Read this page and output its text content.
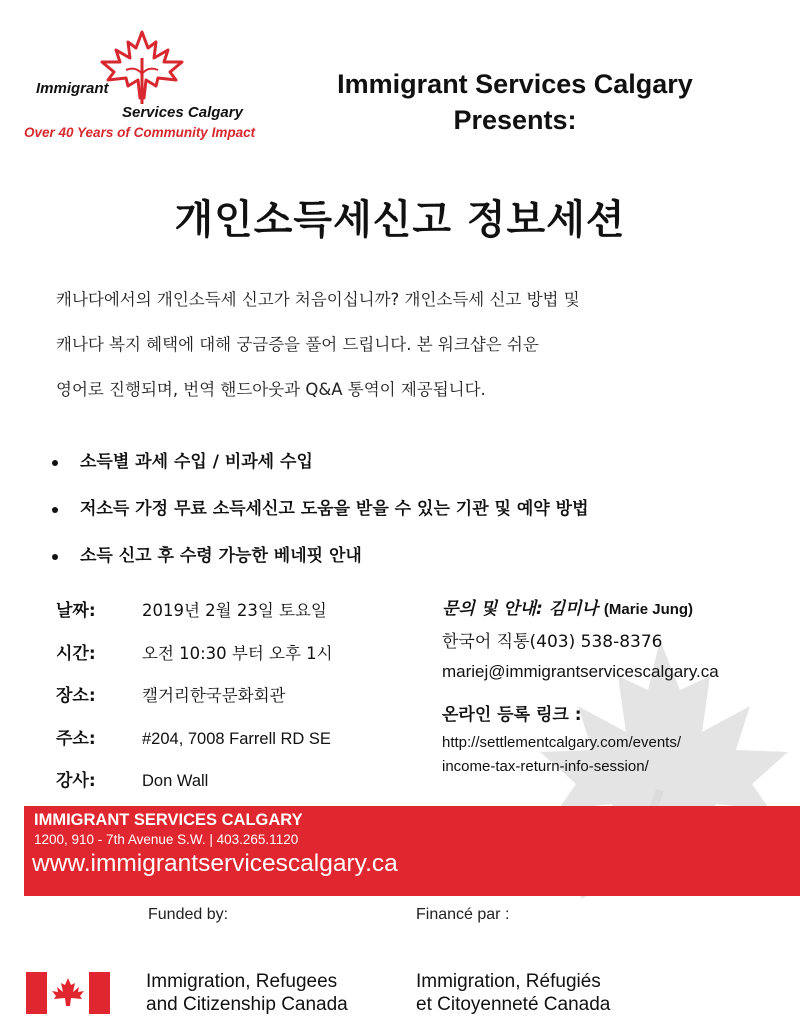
Immigrant
Services Calgary
Over 40 Years of Community Impact
Immigrant Services Calgary
Presents:
개인소득세신고 정보세션
캐나다에서의 개인소득세 신고가 처음이십니까? 개인소득세 신고 방법 및
캐나다 복지 혜택에 대해 궁금증을 풀어 드립니다. 본 워크샵은 쉬운
영어로 진행되며, 번역 핸드아웃과 Q&A 통역이 제공됩니다.
소득별 과세 수입 / 비과세 수입
저소득 가정 무료 소득세신고 도움을 받을 수 있는 기관 및 예약 방법
소득 신고 후 수령 가능한 베네핏 안내
날짜:
시간:
장소:
주소:
강사:
2019년 2월 23일 토요일
오전 10:30 부터 오후 1시
캘거리한국문화회관
#204, 7008 Farrell RD SE
Don Wall
문의 및 안내: 김미나 (Marie Jung)
한국어 직통(403) 538-8376
mariej@immigrantservicescalgary.ca
온라인 등록 링크 :
http://settlementcalgary.com/events/
income-tax-return-info-session/
IMMIGRANT SERVICES CALGARY
1200, 910 - 7th Avenue S.W. | 403.265.1120
www.immigrantservicescalgary.ca
Funded by:	Financé par :
Immigration, Refugees
and Citizenship Canada
Immigration, Réfugiés
et Citoyenneté Canada
